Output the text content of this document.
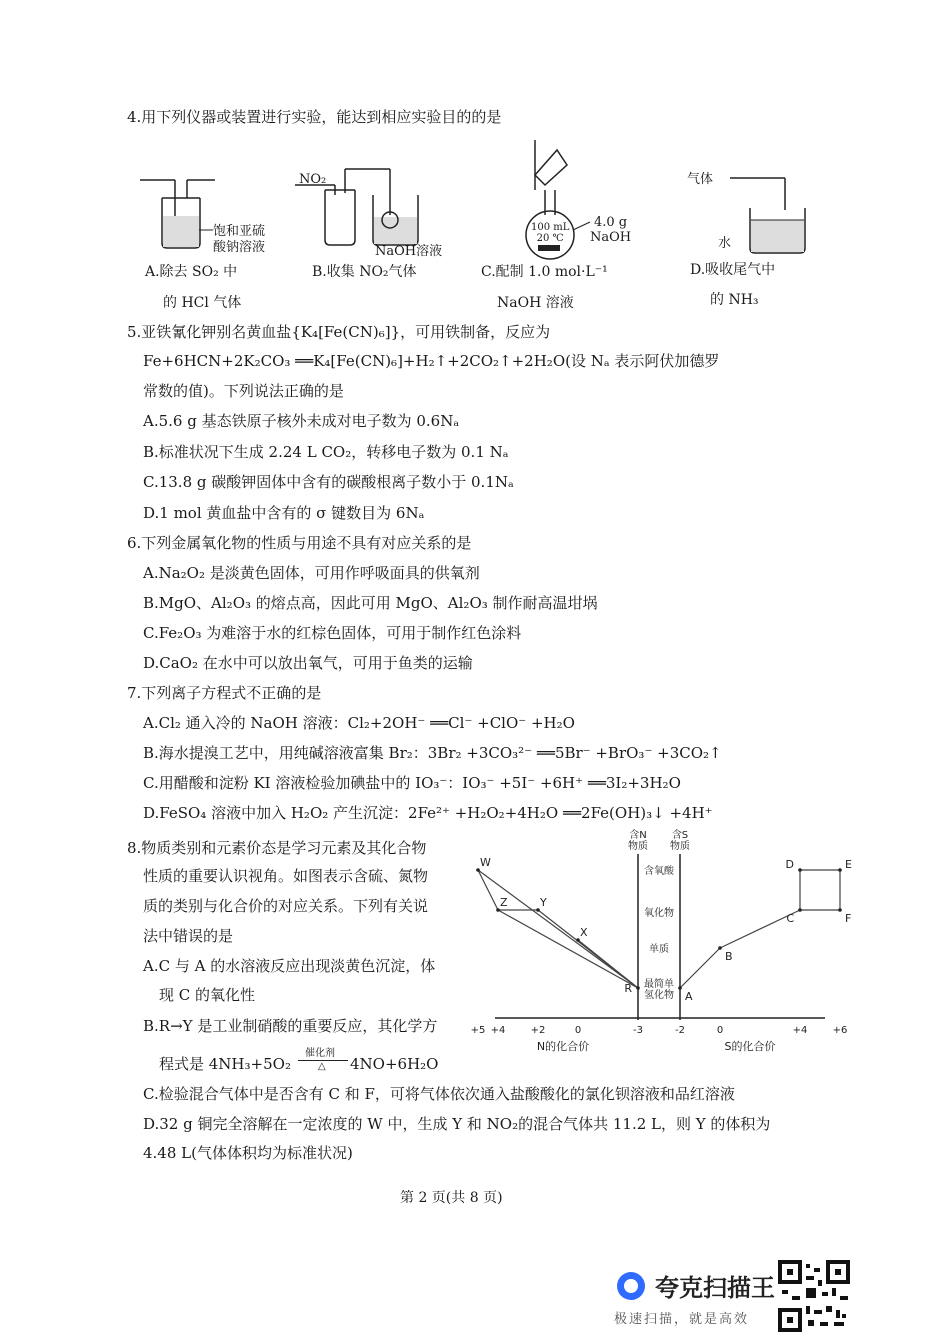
4.用下列仪器或装置进行实验，能达到相应实验目的的是
饱和亚硫
酸钠溶液
A.除去 SO₂ 中
的 HCl 气体
NO₂
NaOH溶液
B.收集 NO₂气体
100 mL
20 ℃
4.0 g
NaOH
C.配制 1.0 mol·L⁻¹
NaOH 溶液
气体
水
D.吸收尾气中
的 NH₃
5.亚铁氰化钾别名黄血盐{K₄[Fe(CN)₆]}，可用铁制备，反应为
Fe+6HCN+2K₂CO₃ ══K₄[Fe(CN)₆]+H₂↑+2CO₂↑+2H₂O(设 Nₐ 表示阿伏加德罗
常数的值)。下列说法正确的是
A.5.6 g 基态铁原子核外未成对电子数为 0.6Nₐ
B.标准状况下生成 2.24 L CO₂，转移电子数为 0.1 Nₐ
C.13.8 g 碳酸钾固体中含有的碳酸根离子数小于 0.1Nₐ
D.1 mol 黄血盐中含有的 σ 键数目为 6Nₐ
6.下列金属氧化物的性质与用途不具有对应关系的是
A.Na₂O₂ 是淡黄色固体，可用作呼吸面具的供氧剂
B.MgO、Al₂O₃ 的熔点高，因此可用 MgO、Al₂O₃ 制作耐高温坩埚
C.Fe₂O₃ 为难溶于水的红棕色固体，可用于制作红色涂料
D.CaO₂ 在水中可以放出氧气，可用于鱼类的运输
7.下列离子方程式不正确的是
A.Cl₂ 通入冷的 NaOH 溶液：Cl₂+2OH⁻ ══Cl⁻ +ClO⁻ +H₂O
B.海水提溴工艺中，用纯碱溶液富集 Br₂：3Br₂ +3CO₃²⁻ ══5Br⁻ +BrO₃⁻ +3CO₂↑
C.用醋酸和淀粉 KI 溶液检验加碘盐中的 IO₃⁻：IO₃⁻ +5I⁻ +6H⁺ ══3I₂+3H₂O
D.FeSO₄ 溶液中加入 H₂O₂ 产生沉淀：2Fe²⁺ +H₂O₂+4H₂O ══2Fe(OH)₃↓ +4H⁺
8.物质类别和元素价态是学习元素及其化合物
性质的重要认识视角。如图表示含硫、氮物
质的类别与化合价的对应关系。下列有关说
法中错误的是
A.C 与 A 的水溶液反应出现淡黄色沉淀，体
现 C 的氧化性
B.R→Y 是工业制硝酸的重要反应，其化学方
程式是 4NH₃+5O₂
催化剂
△ 4NO+6H₂O
C.检验混合气体中是否含有 C 和 F，可将气体依次通入盐酸酸化的氯化钡溶液和品红溶液
D.32 g 铜完全溶解在一定浓度的 W 中，生成 Y 和 NO₂的混合气体共 11.2 L，则 Y 的体积为
4.48 L(气体体积均为标准状况)
含N
物质
含S
物质
含氧酸
氧化物
单质
最简单
氢化物
+5 +4	+2	0	-3	-2	0	+4	+6
N的化合价	S的化合价
W
Z	Y
X
R
A
B
C
D	E
F
第 2 页(共 8 页)
夸克扫描王
极速扫描，就是高效
